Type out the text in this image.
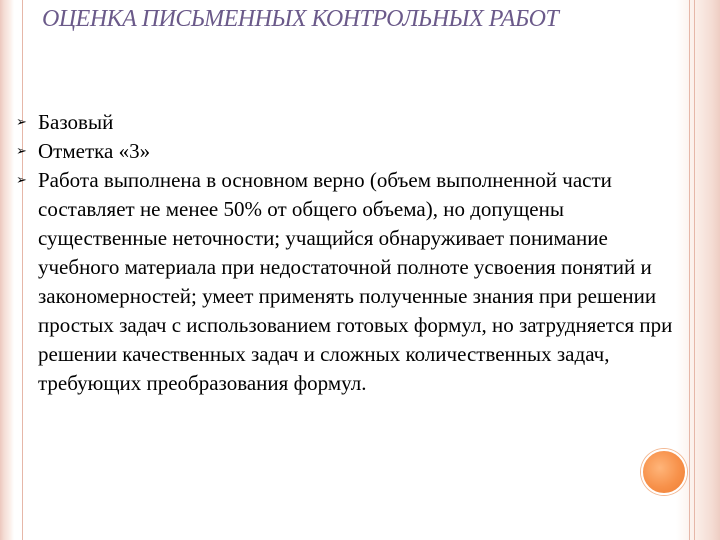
ОЦЕНКА ПИСЬМЕННЫХ КОНТРОЛЬНЫХ РАБОТ
➢ Базовый
➢ Отметка «3»
➢ Работа выполнена в основном верно (объем выполненной части составляет не менее 50% от общего объема), но допущены существенные неточности; учащийся обнаруживает понимание учебного материала при недостаточной полноте усвоения понятий и закономерностей; умеет применять полученные знания при решении простых задач с использованием готовых формул, но затрудняется при решении качественных задач и сложных количественных задач, требующих преобразования формул.
